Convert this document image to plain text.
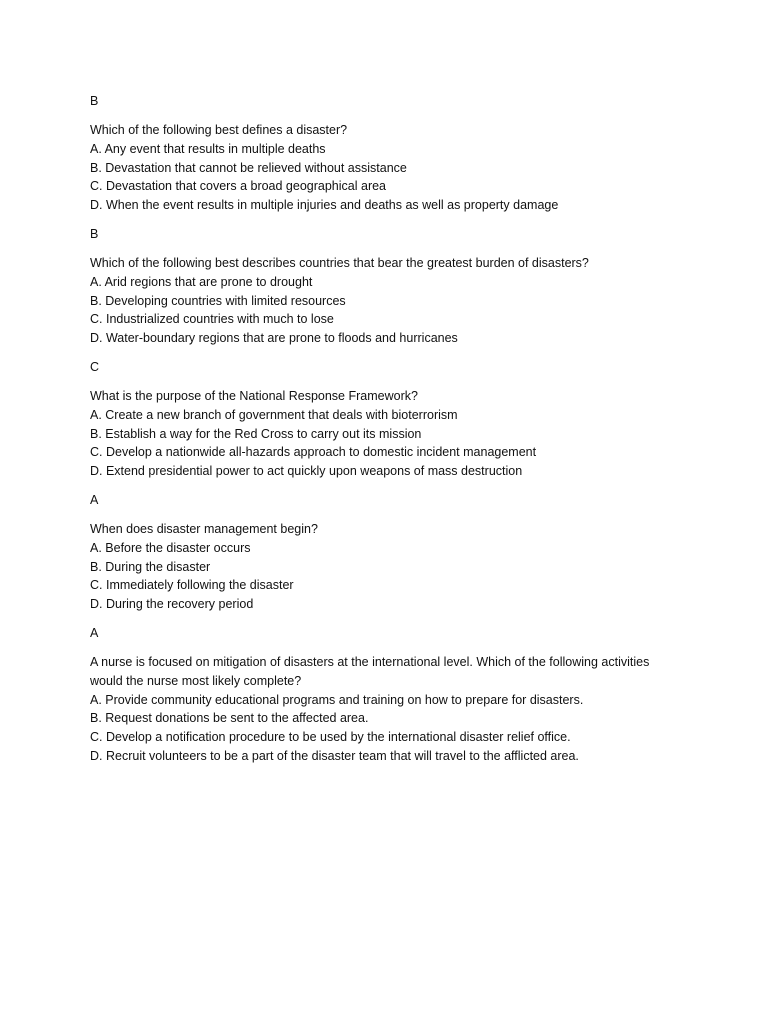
B
Which of the following best defines a disaster?
A. Any event that results in multiple deaths
B. Devastation that cannot be relieved without assistance
C. Devastation that covers a broad geographical area
D. When the event results in multiple injuries and deaths as well as property damage
B
Which of the following best describes countries that bear the greatest burden of disasters?
A. Arid regions that are prone to drought
B. Developing countries with limited resources
C. Industrialized countries with much to lose
D. Water-boundary regions that are prone to floods and hurricanes
C
What is the purpose of the National Response Framework?
A. Create a new branch of government that deals with bioterrorism
B. Establish a way for the Red Cross to carry out its mission
C. Develop a nationwide all-hazards approach to domestic incident management
D. Extend presidential power to act quickly upon weapons of mass destruction
A
When does disaster management begin?
A. Before the disaster occurs
B. During the disaster
C. Immediately following the disaster
D. During the recovery period
A
A nurse is focused on mitigation of disasters at the international level. Which of the following activities
would the nurse most likely complete?
A. Provide community educational programs and training on how to prepare for disasters.
B. Request donations be sent to the affected area.
C. Develop a notification procedure to be used by the international disaster relief office.
D. Recruit volunteers to be a part of the disaster team that will travel to the afflicted area.
